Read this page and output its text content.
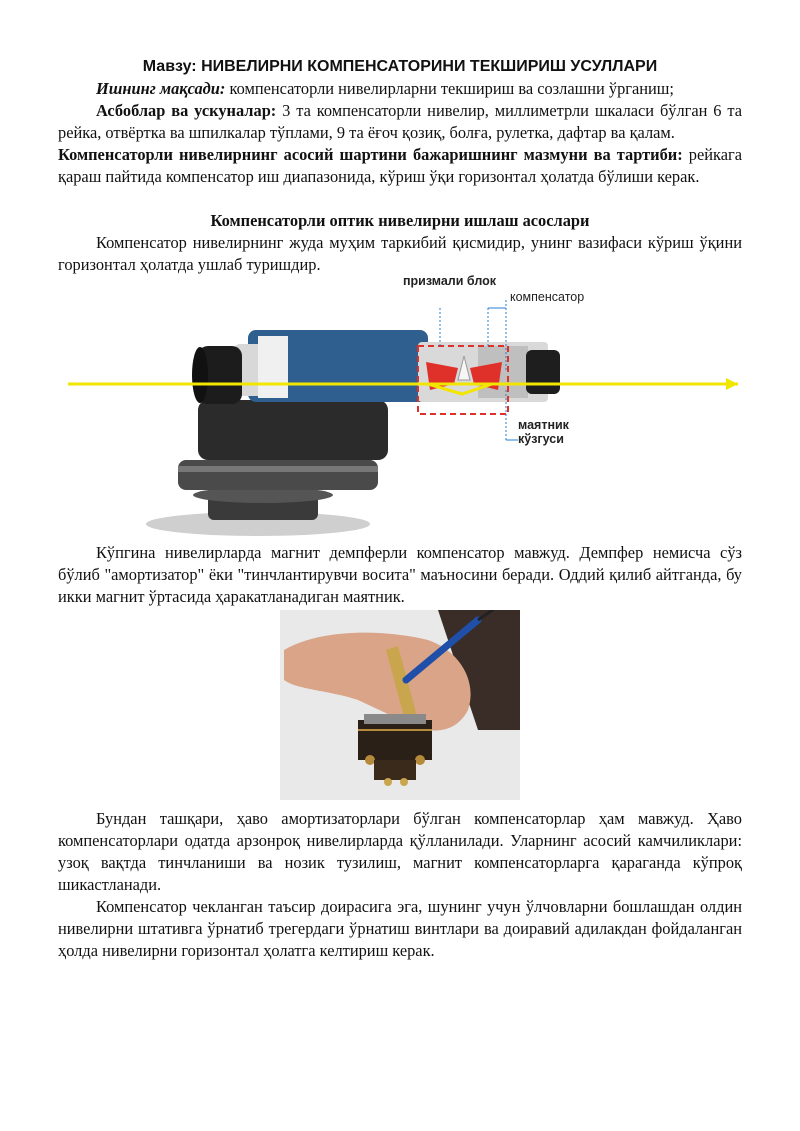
Мавзу: НИВЕЛИРНИ КОМПЕНСАТОРИНИ ТЕКШИРИШ УСУЛЛАРИ

Ишнинг мақсади: компенсаторли нивелирларни текшириш ва созлашни ўрганиш;

Асбоблар ва ускуналар: 3 та компенсаторли нивелир, миллиметрли шкаласи бўлган 6 та рейка, отвёртка ва шпилкалар тўплами, 9 та ёғоч қозиқ, болға, рулетка, дафтар ва қалам.

Компенсаторли нивелирнинг асосий шартини бажаришнинг мазмуни ва тартиби: рейкага қараш пайтида компенсатор иш диапазонида, кўриш ўқи горизонтал ҳолатда бўлиши керак.

Компенсаторли оптик нивелирни ишлаш асослари

Компенсатор нивелирнинг жуда муҳим таркибий қисмидир, унинг вазифаси кўриш ўқини горизонтал ҳолатда ушлаб туришдир.

призмали блок
компенсатор
маятник
кўзгуси

Кўпгина нивелирларда магнит демпферли компенсатор мавжуд. Демпфер немисча сўз бўлиб "амортизатор" ёки "тинчлантирувчи восита" маъносини беради. Оддий қилиб айтганда, бу икки магнит ўртасида ҳаракатланадиган маятник.

Бундан ташқари, ҳаво амортизаторлари бўлган компенсаторлар ҳам мавжуд. Ҳаво компенсаторлари одатда арзонроқ нивелирларда қўлланилади. Уларнинг асосий камчиликлари: узоқ вақтда тинчланиши ва нозик тузилиш, магнит компенсаторларга қараганда кўпроқ шикастланади.

Компенсатор чекланган таъсир доирасига эга, шунинг учун ўлчовларни бошлашдан олдин нивелирни штативга ўрнатиб трегердаги ўрнатиш винтлари ва доиравий адилакдан фойдаланган ҳолда нивелирни горизонтал ҳолатга келтириш керак.
